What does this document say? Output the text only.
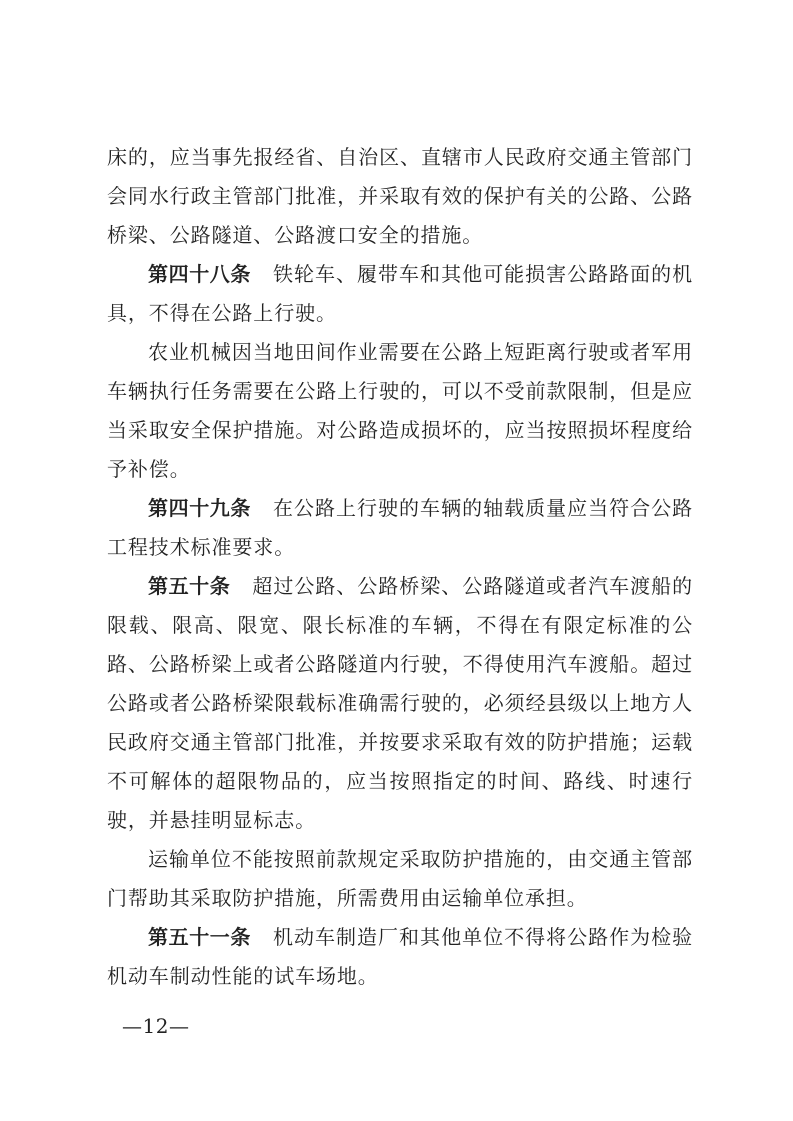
床的，应当事先报经省、自治区、直辖市人民政府交通主管部门会同水行政主管部门批准，并采取有效的保护有关的公路、公路桥梁、公路隧道、公路渡口安全的措施。

第四十八条 铁轮车、履带车和其他可能损害公路路面的机具，不得在公路上行驶。

农业机械因当地田间作业需要在公路上短距离行驶或者军用车辆执行任务需要在公路上行驶的，可以不受前款限制，但是应当采取安全保护措施。对公路造成损坏的，应当按照损坏程度给予补偿。

第四十九条 在公路上行驶的车辆的轴载质量应当符合公路工程技术标准要求。

第五十条 超过公路、公路桥梁、公路隧道或者汽车渡船的限载、限高、限宽、限长标准的车辆，不得在有限定标准的公路、公路桥梁上或者公路隧道内行驶，不得使用汽车渡船。超过公路或者公路桥梁限载标准确需行驶的，必须经县级以上地方人民政府交通主管部门批准，并按要求采取有效的防护措施；运载不可解体的超限物品的，应当按照指定的时间、路线、时速行驶，并悬挂明显标志。

运输单位不能按照前款规定采取防护措施的，由交通主管部门帮助其采取防护措施，所需费用由运输单位承担。

第五十一条 机动车制造厂和其他单位不得将公路作为检验机动车制动性能的试车场地。

—12—
